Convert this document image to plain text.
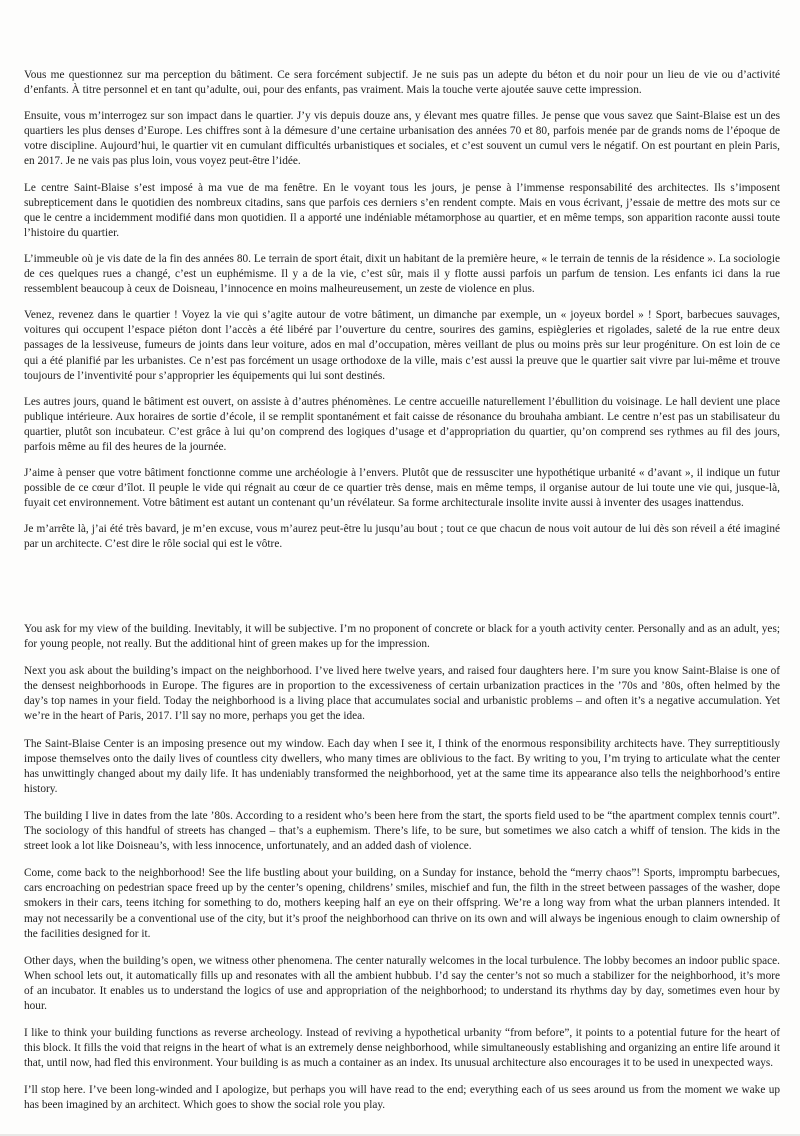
Vous me questionnez sur ma perception du bâtiment. Ce sera forcément subjectif. Je ne suis pas un adepte du béton et du noir pour un lieu de vie ou d’activité d’enfants. À titre personnel et en tant qu’adulte, oui, pour des enfants, pas vraiment. Mais la touche verte ajoutée sauve cette impression.

Ensuite, vous m’interrogez sur son impact dans le quartier. J’y vis depuis douze ans, y élevant mes quatre filles. Je pense que vous savez que Saint-Blaise est un des quartiers les plus denses d’Europe. Les chiffres sont à la démesure d’une certaine urbanisation des années 70 et 80, parfois menée par de grands noms de l’époque de votre discipline. Aujourd’hui, le quartier vit en cumulant difficultés urbanistiques et sociales, et c’est souvent un cumul vers le négatif. On est pourtant en plein Paris, en 2017. Je ne vais pas plus loin, vous voyez peut-être l’idée.

Le centre Saint-Blaise s’est imposé à ma vue de ma fenêtre. En le voyant tous les jours, je pense à l’immense responsabilité des architectes. Ils s’imposent subrepticement dans le quotidien des nombreux citadins, sans que parfois ces derniers s’en rendent compte. Mais en vous écrivant, j’essaie de mettre des mots sur ce que le centre a incidemment modifié dans mon quotidien. Il a apporté une indéniable métamorphose au quartier, et en même temps, son apparition raconte aussi toute l’histoire du quartier.

L’immeuble où je vis date de la fin des années 80. Le terrain de sport était, dixit un habitant de la première heure, « le terrain de tennis de la résidence ». La sociologie de ces quelques rues a changé, c’est un euphémisme. Il y a de la vie, c’est sûr, mais il y flotte aussi parfois un parfum de tension. Les enfants ici dans la rue ressemblent beaucoup à ceux de Doisneau, l’innocence en moins malheureusement, un zeste de violence en plus.

Venez, revenez dans le quartier ! Voyez la vie qui s’agite autour de votre bâtiment, un dimanche par exemple, un « joyeux bordel » ! Sport, barbecues sauvages, voitures qui occupent l’espace piéton dont l’accès a été libéré par l’ouverture du centre, sourires des gamins, espiègleries et rigolades, saleté de la rue entre deux passages de la lessiveuse, fumeurs de joints dans leur voiture, ados en mal d’occupation, mères veillant de plus ou moins près sur leur progéniture. On est loin de ce qui a été planifié par les urbanistes. Ce n’est pas forcément un usage orthodoxe de la ville, mais c’est aussi la preuve que le quartier sait vivre par lui-même et trouve toujours de l’inventivité pour s’approprier les équipements qui lui sont destinés.

Les autres jours, quand le bâtiment est ouvert, on assiste à d’autres phénomènes. Le centre accueille naturellement l’ébullition du voisinage. Le hall devient une place publique intérieure. Aux horaires de sortie d’école, il se remplit spontanément et fait caisse de résonance du brouhaha ambiant. Le centre n’est pas un stabilisateur du quartier, plutôt son incubateur. C’est grâce à lui qu’on comprend des logiques d’usage et d’appropriation du quartier, qu’on comprend ses rythmes au fil des jours, parfois même au fil des heures de la journée.

J’aime à penser que votre bâtiment fonctionne comme une archéologie à l’envers. Plutôt que de ressusciter une hypothétique urbanité « d’avant », il indique un futur possible de ce cœur d’îlot. Il peuple le vide qui régnait au cœur de ce quartier très dense, mais en même temps, il organise autour de lui toute une vie qui, jusque-là, fuyait cet environnement. Votre bâtiment est autant un contenant qu’un révélateur. Sa forme architecturale insolite invite aussi à inventer des usages inattendus.

Je m’arrête là, j’ai été très bavard, je m’en excuse, vous m’aurez peut-être lu jusqu’au bout ; tout ce que chacun de nous voit autour de lui dès son réveil a été imaginé par un architecte. C’est dire le rôle social qui est le vôtre.

You ask for my view of the building. Inevitably, it will be subjective. I’m no proponent of concrete or black for a youth activity center. Personally and as an adult, yes; for young people, not really. But the additional hint of green makes up for the impression.

Next you ask about the building’s impact on the neighborhood. I’ve lived here twelve years, and raised four daughters here. I’m sure you know Saint-Blaise is one of the densest neighborhoods in Europe. The figures are in proportion to the excessiveness of certain urbanization practices in the ’70s and ’80s, often helmed by the day’s top names in your field. Today the neighborhood is a living place that accumulates social and urbanistic problems – and often it’s a negative accumulation. Yet we’re in the heart of Paris, 2017. I’ll say no more, perhaps you get the idea.

The Saint-Blaise Center is an imposing presence out my window. Each day when I see it, I think of the enormous responsibility architects have. They surreptitiously impose themselves onto the daily lives of countless city dwellers, who many times are oblivious to the fact. By writing to you, I’m trying to articulate what the center has unwittingly changed about my daily life. It has undeniably transformed the neighborhood, yet at the same time its appearance also tells the neighborhood’s entire history.

The building I live in dates from the late ’80s. According to a resident who’s been here from the start, the sports field used to be “the apartment complex tennis court”. The sociology of this handful of streets has changed – that’s a euphemism. There’s life, to be sure, but sometimes we also catch a whiff of tension. The kids in the street look a lot like Doisneau’s, with less innocence, unfortunately, and an added dash of violence.

Come, come back to the neighborhood! See the life bustling about your building, on a Sunday for instance, behold the “merry chaos”! Sports, impromptu barbecues, cars encroaching on pedestrian space freed up by the center’s opening, childrens’ smiles, mischief and fun, the filth in the street between passages of the washer, dope smokers in their cars, teens itching for something to do, mothers keeping half an eye on their offspring. We’re a long way from what the urban planners intended. It may not necessarily be a conventional use of the city, but it’s proof the neighborhood can thrive on its own and will always be ingenious enough to claim ownership of the facilities designed for it.

Other days, when the building’s open, we witness other phenomena. The center naturally welcomes in the local turbulence. The lobby becomes an indoor public space. When school lets out, it automatically fills up and resonates with all the ambient hubbub. I’d say the center’s not so much a stabilizer for the neighborhood, it’s more of an incubator. It enables us to understand the logics of use and appropriation of the neighborhood; to understand its rhythms day by day, sometimes even hour by hour.

I like to think your building functions as reverse archeology. Instead of reviving a hypothetical urbanity “from before”, it points to a potential future for the heart of this block. It fills the void that reigns in the heart of what is an extremely dense neighborhood, while simultaneously establishing and organizing an entire life around it that, until now, had fled this environment. Your building is as much a container as an index. Its unusual architecture also encourages it to be used in unexpected ways.

I’ll stop here. I’ve been long-winded and I apologize, but perhaps you will have read to the end; everything each of us sees around us from the moment we wake up has been imagined by an architect. Which goes to show the social role you play.
